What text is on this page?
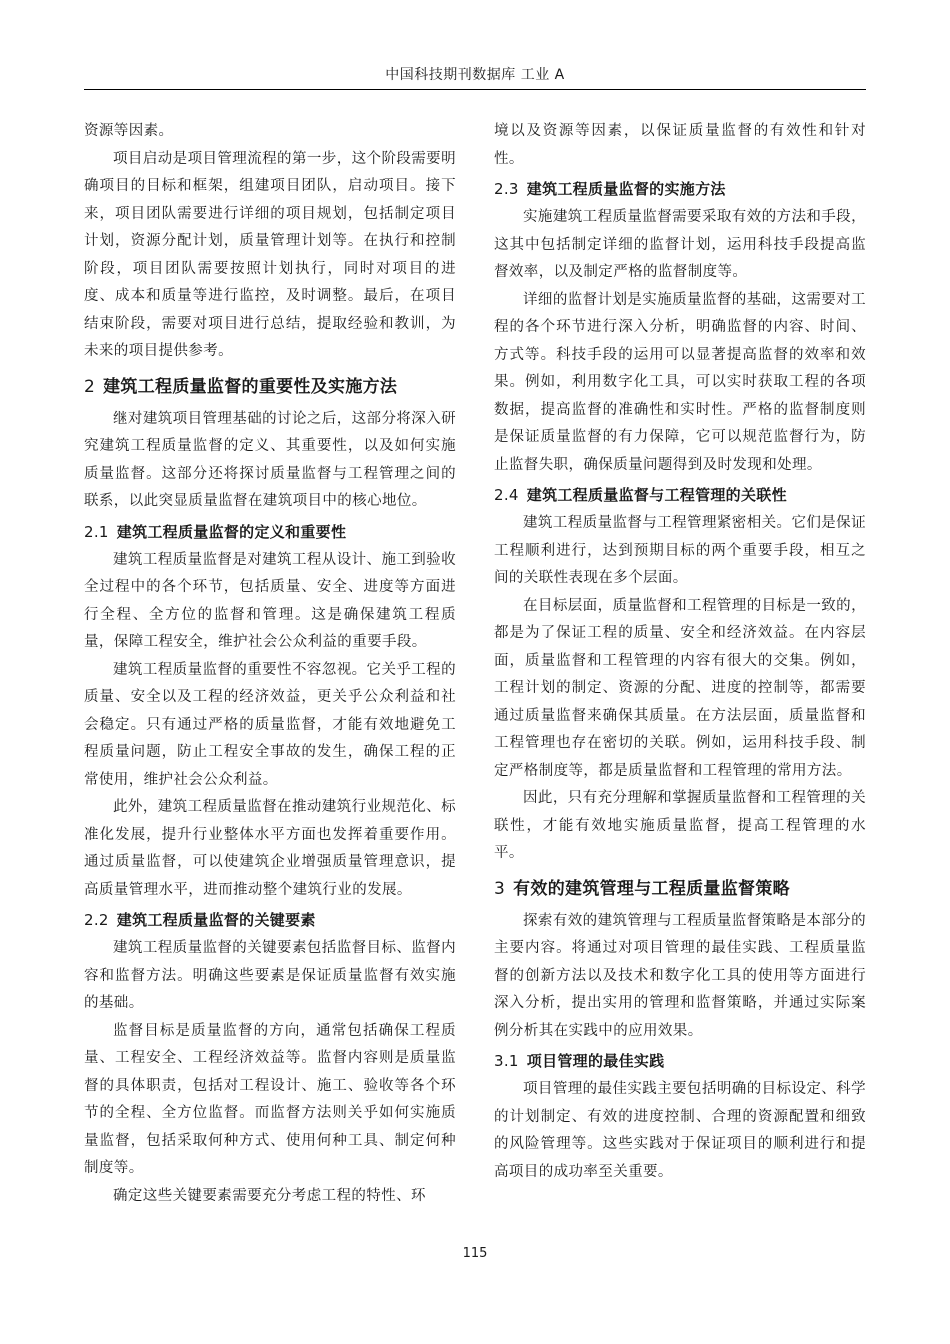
中国科技期刊数据库 工业 A

资源等因素。

项目启动是项目管理流程的第一步，这个阶段需要明确项目的目标和框架，组建项目团队，启动项目。接下来，项目团队需要进行详细的项目规划，包括制定项目计划，资源分配计划，质量管理计划等。在执行和控制阶段，项目团队需要按照计划执行，同时对项目的进度、成本和质量等进行监控，及时调整。最后，在项目结束阶段，需要对项目进行总结，提取经验和教训，为未来的项目提供参考。

2 建筑工程质量监督的重要性及实施方法

继对建筑项目管理基础的讨论之后，这部分将深入研究建筑工程质量监督的定义、其重要性，以及如何实施质量监督。这部分还将探讨质量监督与工程管理之间的联系，以此突显质量监督在建筑项目中的核心地位。

2.1 建筑工程质量监督的定义和重要性

建筑工程质量监督是对建筑工程从设计、施工到验收全过程中的各个环节，包括质量、安全、进度等方面进行全程、全方位的监督和管理。这是确保建筑工程质量，保障工程安全，维护社会公众利益的重要手段。

建筑工程质量监督的重要性不容忽视。它关乎工程的质量、安全以及工程的经济效益，更关乎公众利益和社会稳定。只有通过严格的质量监督，才能有效地避免工程质量问题，防止工程安全事故的发生，确保工程的正常使用，维护社会公众利益。

此外，建筑工程质量监督在推动建筑行业规范化、标准化发展，提升行业整体水平方面也发挥着重要作用。通过质量监督，可以使建筑企业增强质量管理意识，提高质量管理水平，进而推动整个建筑行业的发展。

2.2 建筑工程质量监督的关键要素

建筑工程质量监督的关键要素包括监督目标、监督内容和监督方法。明确这些要素是保证质量监督有效实施的基础。

监督目标是质量监督的方向，通常包括确保工程质量、工程安全、工程经济效益等。监督内容则是质量监督的具体职责，包括对工程设计、施工、验收等各个环节的全程、全方位监督。而监督方法则关乎如何实施质量监督，包括采取何种方式、使用何种工具、制定何种制度等。

确定这些关键要素需要充分考虑工程的特性、环

境以及资源等因素，以保证质量监督的有效性和针对性。

2.3 建筑工程质量监督的实施方法

实施建筑工程质量监督需要采取有效的方法和手段，这其中包括制定详细的监督计划，运用科技手段提高监督效率，以及制定严格的监督制度等。

详细的监督计划是实施质量监督的基础，这需要对工程的各个环节进行深入分析，明确监督的内容、时间、方式等。科技手段的运用可以显著提高监督的效率和效果。例如，利用数字化工具，可以实时获取工程的各项数据，提高监督的准确性和实时性。严格的监督制度则是保证质量监督的有力保障，它可以规范监督行为，防止监督失职，确保质量问题得到及时发现和处理。

2.4 建筑工程质量监督与工程管理的关联性

建筑工程质量监督与工程管理紧密相关。它们是保证工程顺利进行，达到预期目标的两个重要手段，相互之间的关联性表现在多个层面。

在目标层面，质量监督和工程管理的目标是一致的，都是为了保证工程的质量、安全和经济效益。在内容层面，质量监督和工程管理的内容有很大的交集。例如，工程计划的制定、资源的分配、进度的控制等，都需要通过质量监督来确保其质量。在方法层面，质量监督和工程管理也存在密切的关联。例如，运用科技手段、制定严格制度等，都是质量监督和工程管理的常用方法。

因此，只有充分理解和掌握质量监督和工程管理的关联性，才能有效地实施质量监督，提高工程管理的水平。

3 有效的建筑管理与工程质量监督策略

探索有效的建筑管理与工程质量监督策略是本部分的主要内容。将通过对项目管理的最佳实践、工程质量监督的创新方法以及技术和数字化工具的使用等方面进行深入分析，提出实用的管理和监督策略，并通过实际案例分析其在实践中的应用效果。

3.1 项目管理的最佳实践

项目管理的最佳实践主要包括明确的目标设定、科学的计划制定、有效的进度控制、合理的资源配置和细致的风险管理等。这些实践对于保证项目的顺利进行和提高项目的成功率至关重要。

115
